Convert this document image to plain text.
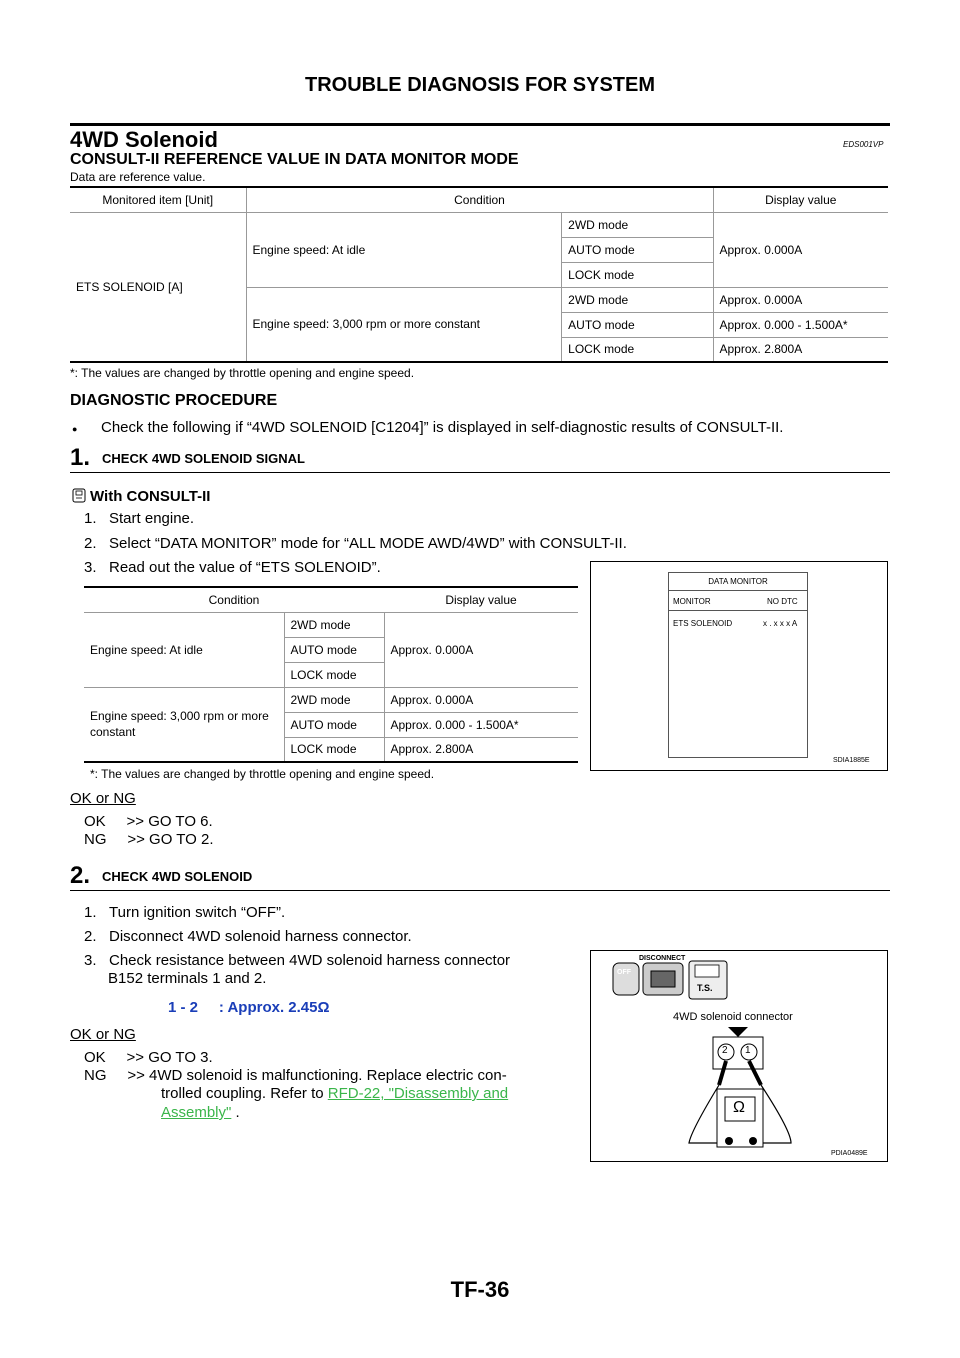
TROUBLE DIAGNOSIS FOR SYSTEM
4WD Solenoid	EDS001VP
CONSULT-II REFERENCE VALUE IN DATA MONITOR MODE
Data are reference value.
Monitored item [Unit]	Condition		Display value
ETS SOLENOID [A]	Engine speed: At idle	2WD mode	Approx. 0.000A
		AUTO mode	
		LOCK mode	
	Engine speed: 3,000 rpm or more constant	2WD mode	Approx. 0.000A
		AUTO mode	Approx. 0.000 - 1.500A*
		LOCK mode	Approx. 2.800A
*: The values are changed by throttle opening and engine speed.
DIAGNOSTIC PROCEDURE
● Check the following if “4WD SOLENOID [C1204]” is displayed in self-diagnostic results of CONSULT-II.
1. CHECK 4WD SOLENOID SIGNAL
With CONSULT-II
1.   Start engine.
2.   Select “DATA MONITOR” mode for “ALL MODE AWD/4WD” with CONSULT-II.
3.   Read out the value of “ETS SOLENOID”.
Condition		Display value
Engine speed: At idle	2WD mode	Approx. 0.000A
	AUTO mode	
	LOCK mode	
Engine speed: 3,000 rpm or more constant	2WD mode	Approx. 0.000A
	AUTO mode	Approx. 0.000 - 1.500A*
	LOCK mode	Approx. 2.800A
*: The values are changed by throttle opening and engine speed.
DATA MONITOR
MONITOR	NO DTC
ETS SOLENOID	x . x x x A
SDIA1885E
OK or NG
OK     >> GO TO 6.
NG     >> GO TO 2.
2. CHECK 4WD SOLENOID
1.   Turn ignition switch “OFF”.
2.   Disconnect 4WD solenoid harness connector.
3.   Check resistance between 4WD solenoid harness connector
B152 terminals 1 and 2.
1 - 2     : Approx. 2.45Ω
OK or NG
OK     >> GO TO 3.
NG     >> 4WD solenoid is malfunctioning. Replace electric con-
trolled coupling. Refer to RFD-22, "Disassembly and
Assembly" .
OFF
DISCONNECT
T.S.
4WD solenoid connector
2 1
Ω
PDIA0489E
TF-36
